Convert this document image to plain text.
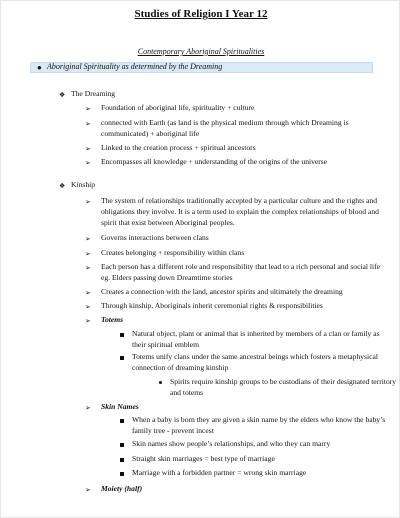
Studies of Religion I Year 12
Contemporary Aboriginal Spiritualities
● Aboriginal Spirituality as determined by the Dreaming
❖ The Dreaming
➢ Foundation of aboriginal life, spirituality + culture
➢ connected with Earth (as land is the physical medium through which Dreaming is
communicated) + aboriginal life
➢ Linked to the creation process + spiritual ancestors
➢ Encompasses all knowledge + understanding of the origins of the universe
❖ Kinship
➢ The system of relationships traditionally accepted by a particular culture and the rights and
obligations they involve. It is a term used to explain the complex relationships of blood and
spirit that exist between Aboriginal peoples.
➢ Governs interactions between clans
➢ Creates belonging + responsibility within clans
➢ Each person has a different role and responsibility that lead to a rich personal and social life
eg. Elders passing down Dreamtime stories
➢ Creates a connection with the land, ancestor spirits and ultimately the dreaming
➢ Through kinship, Aboriginals inherit ceremonial rights & responsibilities
➢ Totems
Natural object, plant or animal that is inherited by members of a clan or family as
their spiritual emblem
Totems unify clans under the same ancestral beings which fosters a metaphysical
connection of dreaming kinship
Spirits require kinship groups to be custodians of their designated territory
and totems
➢ Skin Names
When a baby is born they are given a skin name by the elders who know the baby’s
family tree - prevent incest
Skin names show people’s relationships, and who they can marry
Straight skin marriages = best type of marriage
Marriage with a forbidden partner = wrong skin marriage
➢ Moiety (half)
